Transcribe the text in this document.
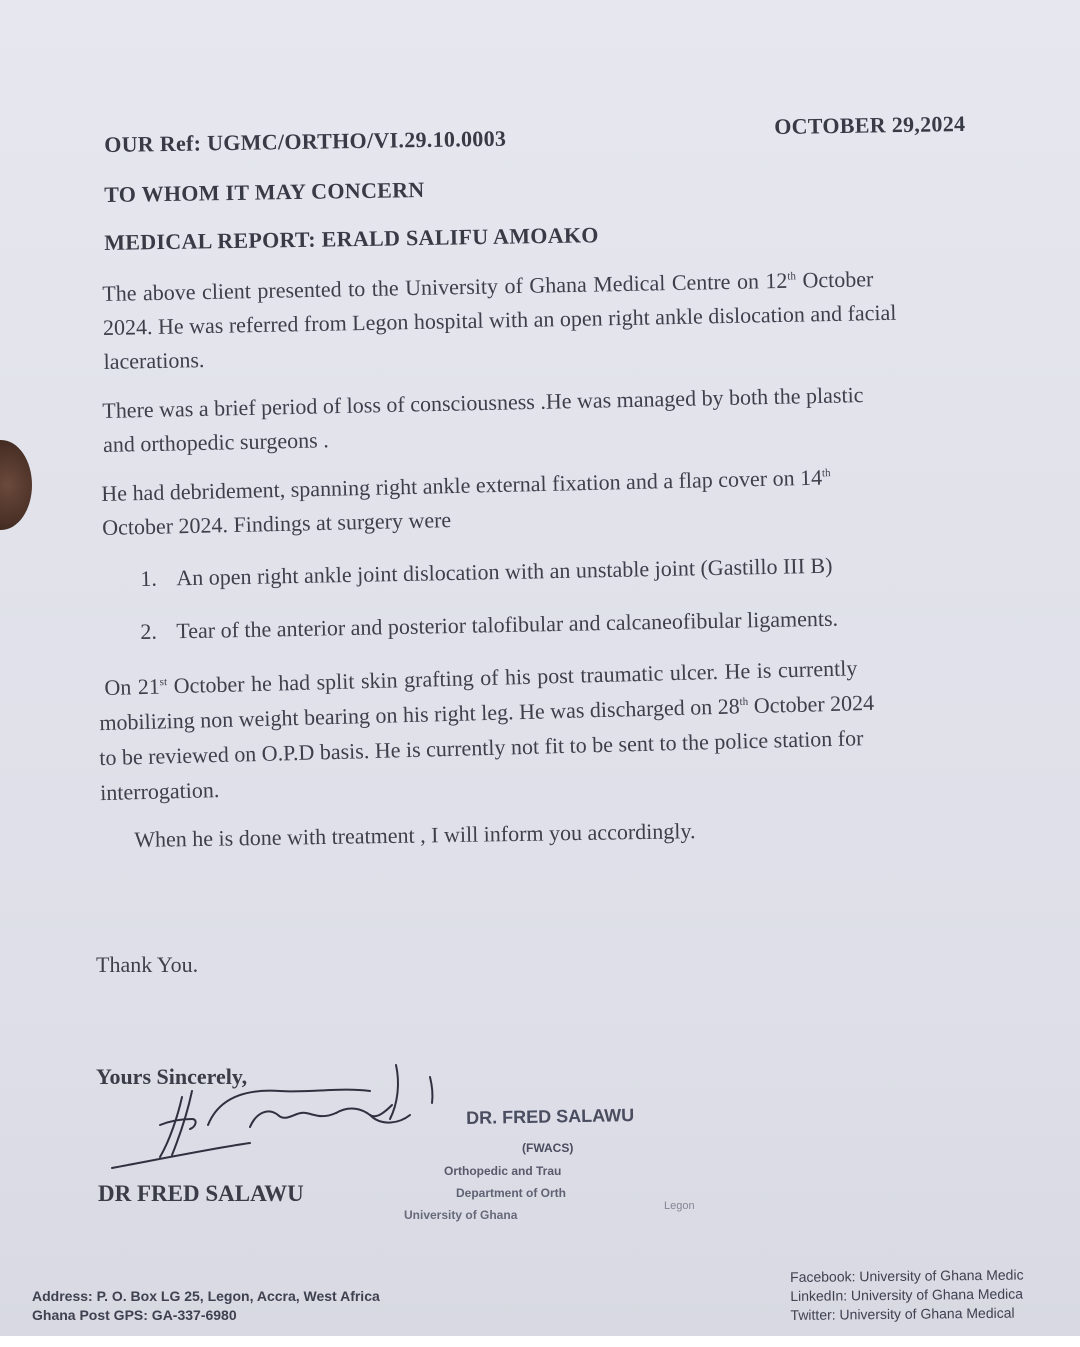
OUR Ref: UGMC/ORTHO/VI.29.10.0003
OCTOBER 29,2024
TO WHOM IT MAY CONCERN
MEDICAL REPORT: ERALD SALIFU AMOAKO

The above client presented to the University of Ghana Medical Centre on 12th October

2024. He was referred from Legon hospital with an open right ankle dislocation and facial

lacerations.

There was a brief period of loss of consciousness .He was managed by both the plastic

and orthopedic surgeons .

He had debridement, spanning right ankle external fixation and a flap cover on 14th

October 2024. Findings at surgery were

1. An open right ankle joint dislocation with an unstable joint (Gastillo III B)

2. Tear of the anterior and posterior talofibular and calcaneofibular ligaments.

On 21st October he had split skin grafting of his post traumatic ulcer. He is currently

mobilizing non weight bearing on his right leg. He was discharged on 28th October 2024

to be reviewed on O.P.D basis. He is currently not fit to be sent to the police station for

interrogation.

When he is done with treatment , I will inform you accordingly.

Thank You.
Yours Sincerely,
DR FRED SALAWU
DR. FRED SALAWU
(FWACS)
Orthopedic and Trau
Department of Orth
University of Ghana
Legon
Address: P. O. Box LG 25, Legon, Accra, West Africa
Ghana Post GPS: GA-337-6980
Facebook: University of Ghana Medic
LinkedIn: University of Ghana Medica
Twitter: University of Ghana Medical
